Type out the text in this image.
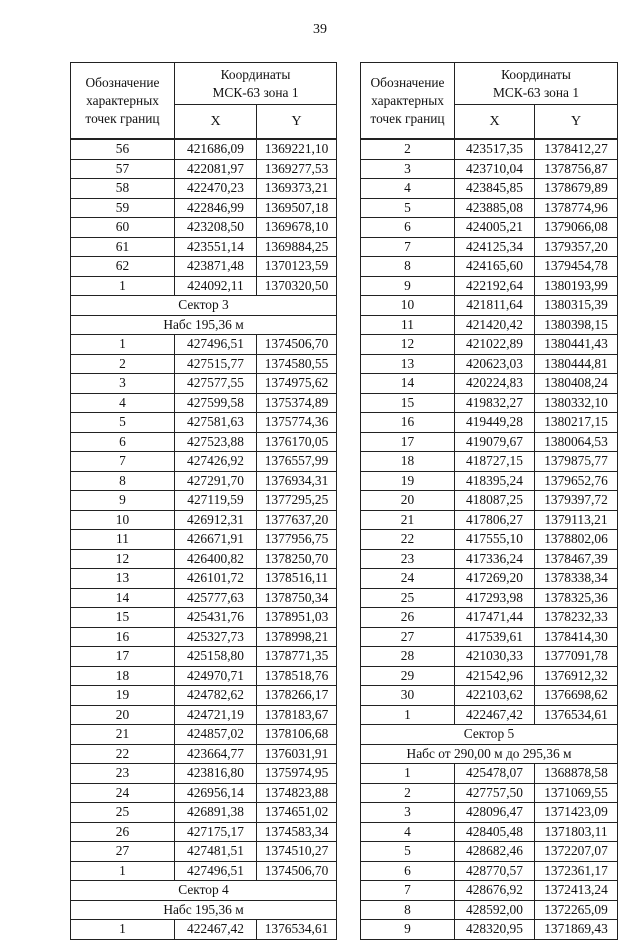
39
Обозначение
характерных
точек границ	Координаты
МСК-63 зона 1	

	X	Y
56	421686,09	1369221,10
57	422081,97	1369277,53
58	422470,23	1369373,21
59	422846,99	1369507,18
60	423208,50	1369678,10
61	423551,14	1369884,25
62	423871,48	1370123,59
1	424092,11	1370320,50
Сектор 3		
Набс 195,36 м		
1	427496,51	1374506,70
2	427515,77	1374580,55
3	427577,55	1374975,62
4	427599,58	1375374,89
5	427581,63	1375774,36
6	427523,88	1376170,05
7	427426,92	1376557,99
8	427291,70	1376934,31
9	427119,59	1377295,25
10	426912,31	1377637,20
11	426671,91	1377956,75
12	426400,82	1378250,70
13	426101,72	1378516,11
14	425777,63	1378750,34
15	425431,76	1378951,03
16	425327,73	1378998,21
17	425158,80	1378771,35
18	424970,71	1378518,76
19	424782,62	1378266,17
20	424721,19	1378183,67
21	424857,02	1378106,68
22	423664,77	1376031,91
23	423816,80	1375974,95
24	426956,14	1374823,88
25	426891,38	1374651,02
26	427175,17	1374583,34
27	427481,51	1374510,27
1	427496,51	1374506,70
Сектор 4		
Набс 195,36 м		
1	422467,42	1376534,61
Обозначение
характерных
точек границ	Координаты
МСК-63 зона 1	

	X	Y
2	423517,35	1378412,27
3	423710,04	1378756,87
4	423845,85	1378679,89
5	423885,08	1378774,96
6	424005,21	1379066,08
7	424125,34	1379357,20
8	424165,60	1379454,78
9	422192,64	1380193,99
10	421811,64	1380315,39
11	421420,42	1380398,15
12	421022,89	1380441,43
13	420623,03	1380444,81
14	420224,83	1380408,24
15	419832,27	1380332,10
16	419449,28	1380217,15
17	419079,67	1380064,53
18	418727,15	1379875,77
19	418395,24	1379652,76
20	418087,25	1379397,72
21	417806,27	1379113,21
22	417555,10	1378802,06
23	417336,24	1378467,39
24	417269,20	1378338,34
25	417293,98	1378325,36
26	417471,44	1378232,33
27	417539,61	1378414,30
28	421030,33	1377091,78
29	421542,96	1376912,32
30	422103,62	1376698,62
1	422467,42	1376534,61
Сектор 5		
Набс от 290,00 м до 295,36 м		
1	425478,07	1368878,58
2	427757,50	1371069,55
3	428096,47	1371423,09
4	428405,48	1371803,11
5	428682,46	1372207,07
6	428770,57	1372361,17
7	428676,92	1372413,24
8	428592,00	1372265,09
9	428320,95	1371869,43
